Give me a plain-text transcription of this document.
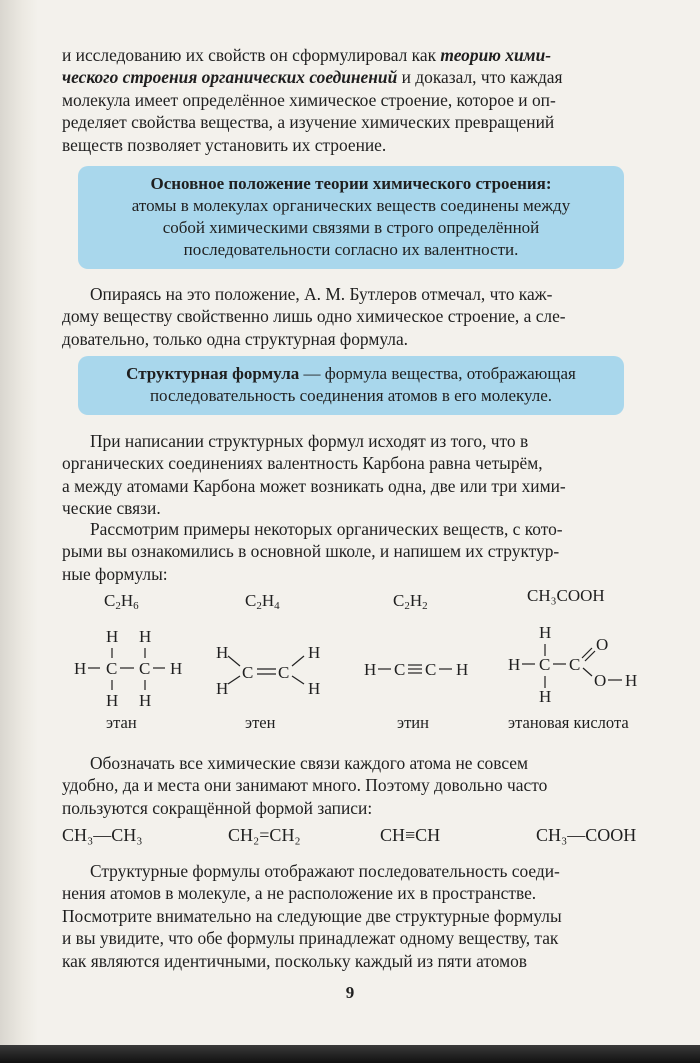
и исследованию их свойств он сформулировал как теорию хими-
ческого строения органических соединений и доказал, что каждая
молекула имеет определённое химическое строение, которое и оп-
ределяет свойства вещества, а изучение химических превращений
веществ позволяет установить их строение.
Основное положение теории химического строения:
атомы в молекулах органических веществ соединены между
собой химическими связями в строго определённой
последовательности согласно их валентности.
Опираясь на это положение, А. М. Бутлеров отмечал, что каж-
дому веществу свойственно лишь одно химическое строение, а сле-
довательно, только одна структурная формула.
Структурная формула — формула вещества, отображающая
последовательность соединения атомов в его молекуле.
При написании структурных формул исходят из того, что в
органических соединениях валентность Карбона равна четырём,
а между атомами Карбона может возникать одна, две или три хими-
ческие связи.
Рассмотрим примеры некоторых органических веществ, с кото-
рыми вы ознакомились в основной школе, и напишем их структур-
ные формулы:
$C_2H_6$	$C_2H_4$	$C_2H_2$
CH₃COOH
H H
H C C H
H H
H
H
C C
H
H
H C C H
H
H C C
O
O H
H
этан	этен	этин	этановая кислота
Обозначать все химические связи каждого атома не совсем
удобно, да и места они занимают много. Поэтому довольно часто
пользуются сокращённой формой записи:
CH₃—CH₃	CH₂=CH₂	CH≡CH	CH₃—COOH
Структурные формулы отображают последовательность соеди-
нения атомов в молекуле, а не расположение их в пространстве.
Посмотрите внимательно на следующие две структурные формулы
и вы увидите, что обе формулы принадлежат одному веществу, так
как являются идентичными, поскольку каждый из пяти атомов
9
